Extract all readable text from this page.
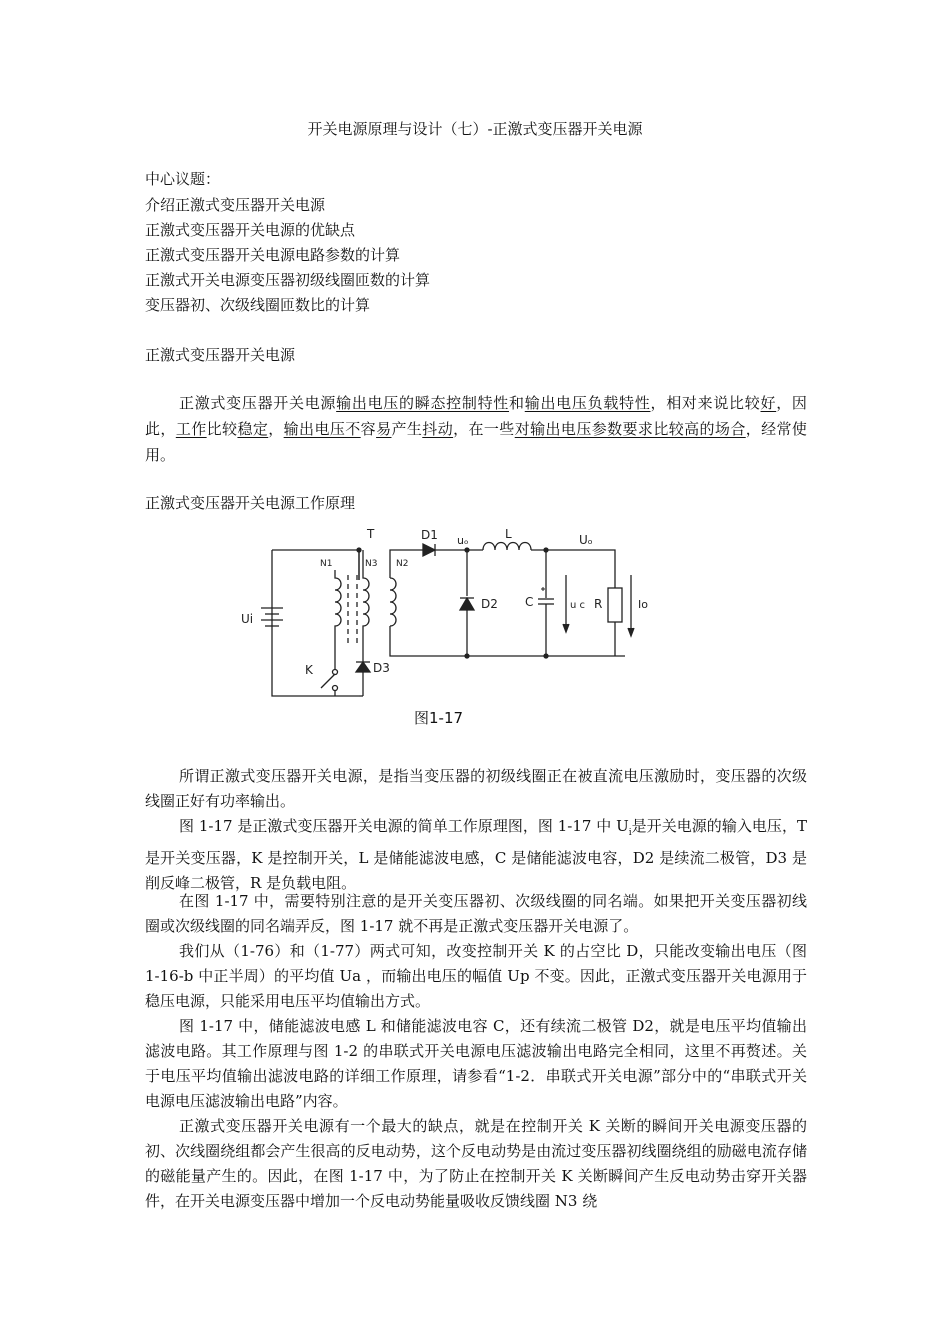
开关电源原理与设计（七）-正激式变压器开关电源
中心议题：
介绍正激式变压器开关电源
正激式变压器开关电源的优缺点
正激式变压器开关电源电路参数的计算
正激式开关电源变压器初级线圈匝数的计算
变压器初、次级线圈匝数比的计算
正激式变压器开关电源

正激式变压器开关电源输出电压的瞬态控制特性和输出电压负载特性，相对来说比较好，因此，工作比较稳定，输出电压不容易产生抖动，在一些对输出电压参数要求比较高的场合，经常使用。

正激式变压器开关电源工作原理
T	D1 uₒ	L	Uₒ
N1	N3 N2
Ui
D2 C	u c R	Io
K	D3
图1-17

所谓正激式变压器开关电源，是指当变压器的初级线圈正在被直流电压激励时，变压器的次级线圈正好有功率输出。

图 1-17 是正激式变压器开关电源的简单工作原理图，图 1-17 中 $U_i$是开关电源的输入电压，T 是开关变压器，K 是控制开关，L 是储能滤波电感，C 是储能滤波电容，D2 是续流二极管，D3 是削反峰二极管，R 是负载电阻。

在图 1-17 中，需要特别注意的是开关变压器初、次级线圈的同名端。如果把开关变压器初线圈或次级线圈的同名端弄反，图 1-17 就不再是正激式变压器开关电源了。

我们从（1-76）和（1-77）两式可知，改变控制开关 K 的占空比 D，只能改变输出电压（图 1-16-b 中正半周）的平均值 Ua ，而输出电压的幅值 Up 不变。因此，正激式变压器开关电源用于稳压电源，只能采用电压平均值输出方式。

图 1-17 中，储能滤波电感 L 和储能滤波电容 C，还有续流二极管 D2，就是电压平均值输出滤波电路。其工作原理与图 1-2 的串联式开关电源电压滤波输出电路完全相同，这里不再赘述。关于电压平均值输出滤波电路的详细工作原理，请参看“1-2．串联式开关电源”部分中的“串联式开关电源电压滤波输出电路”内容。

正激式变压器开关电源有一个最大的缺点，就是在控制开关 K 关断的瞬间开关电源变压器的初、次线圈绕组都会产生很高的反电动势，这个反电动势是由流过变压器初线圈绕组的励磁电流存储的磁能量产生的。因此，在图 1-17 中，为了防止在控制开关 K 关断瞬间产生反电动势击穿开关器件，在开关电源变压器中增加一个反电动势能量吸收反馈线圈 N3 绕
